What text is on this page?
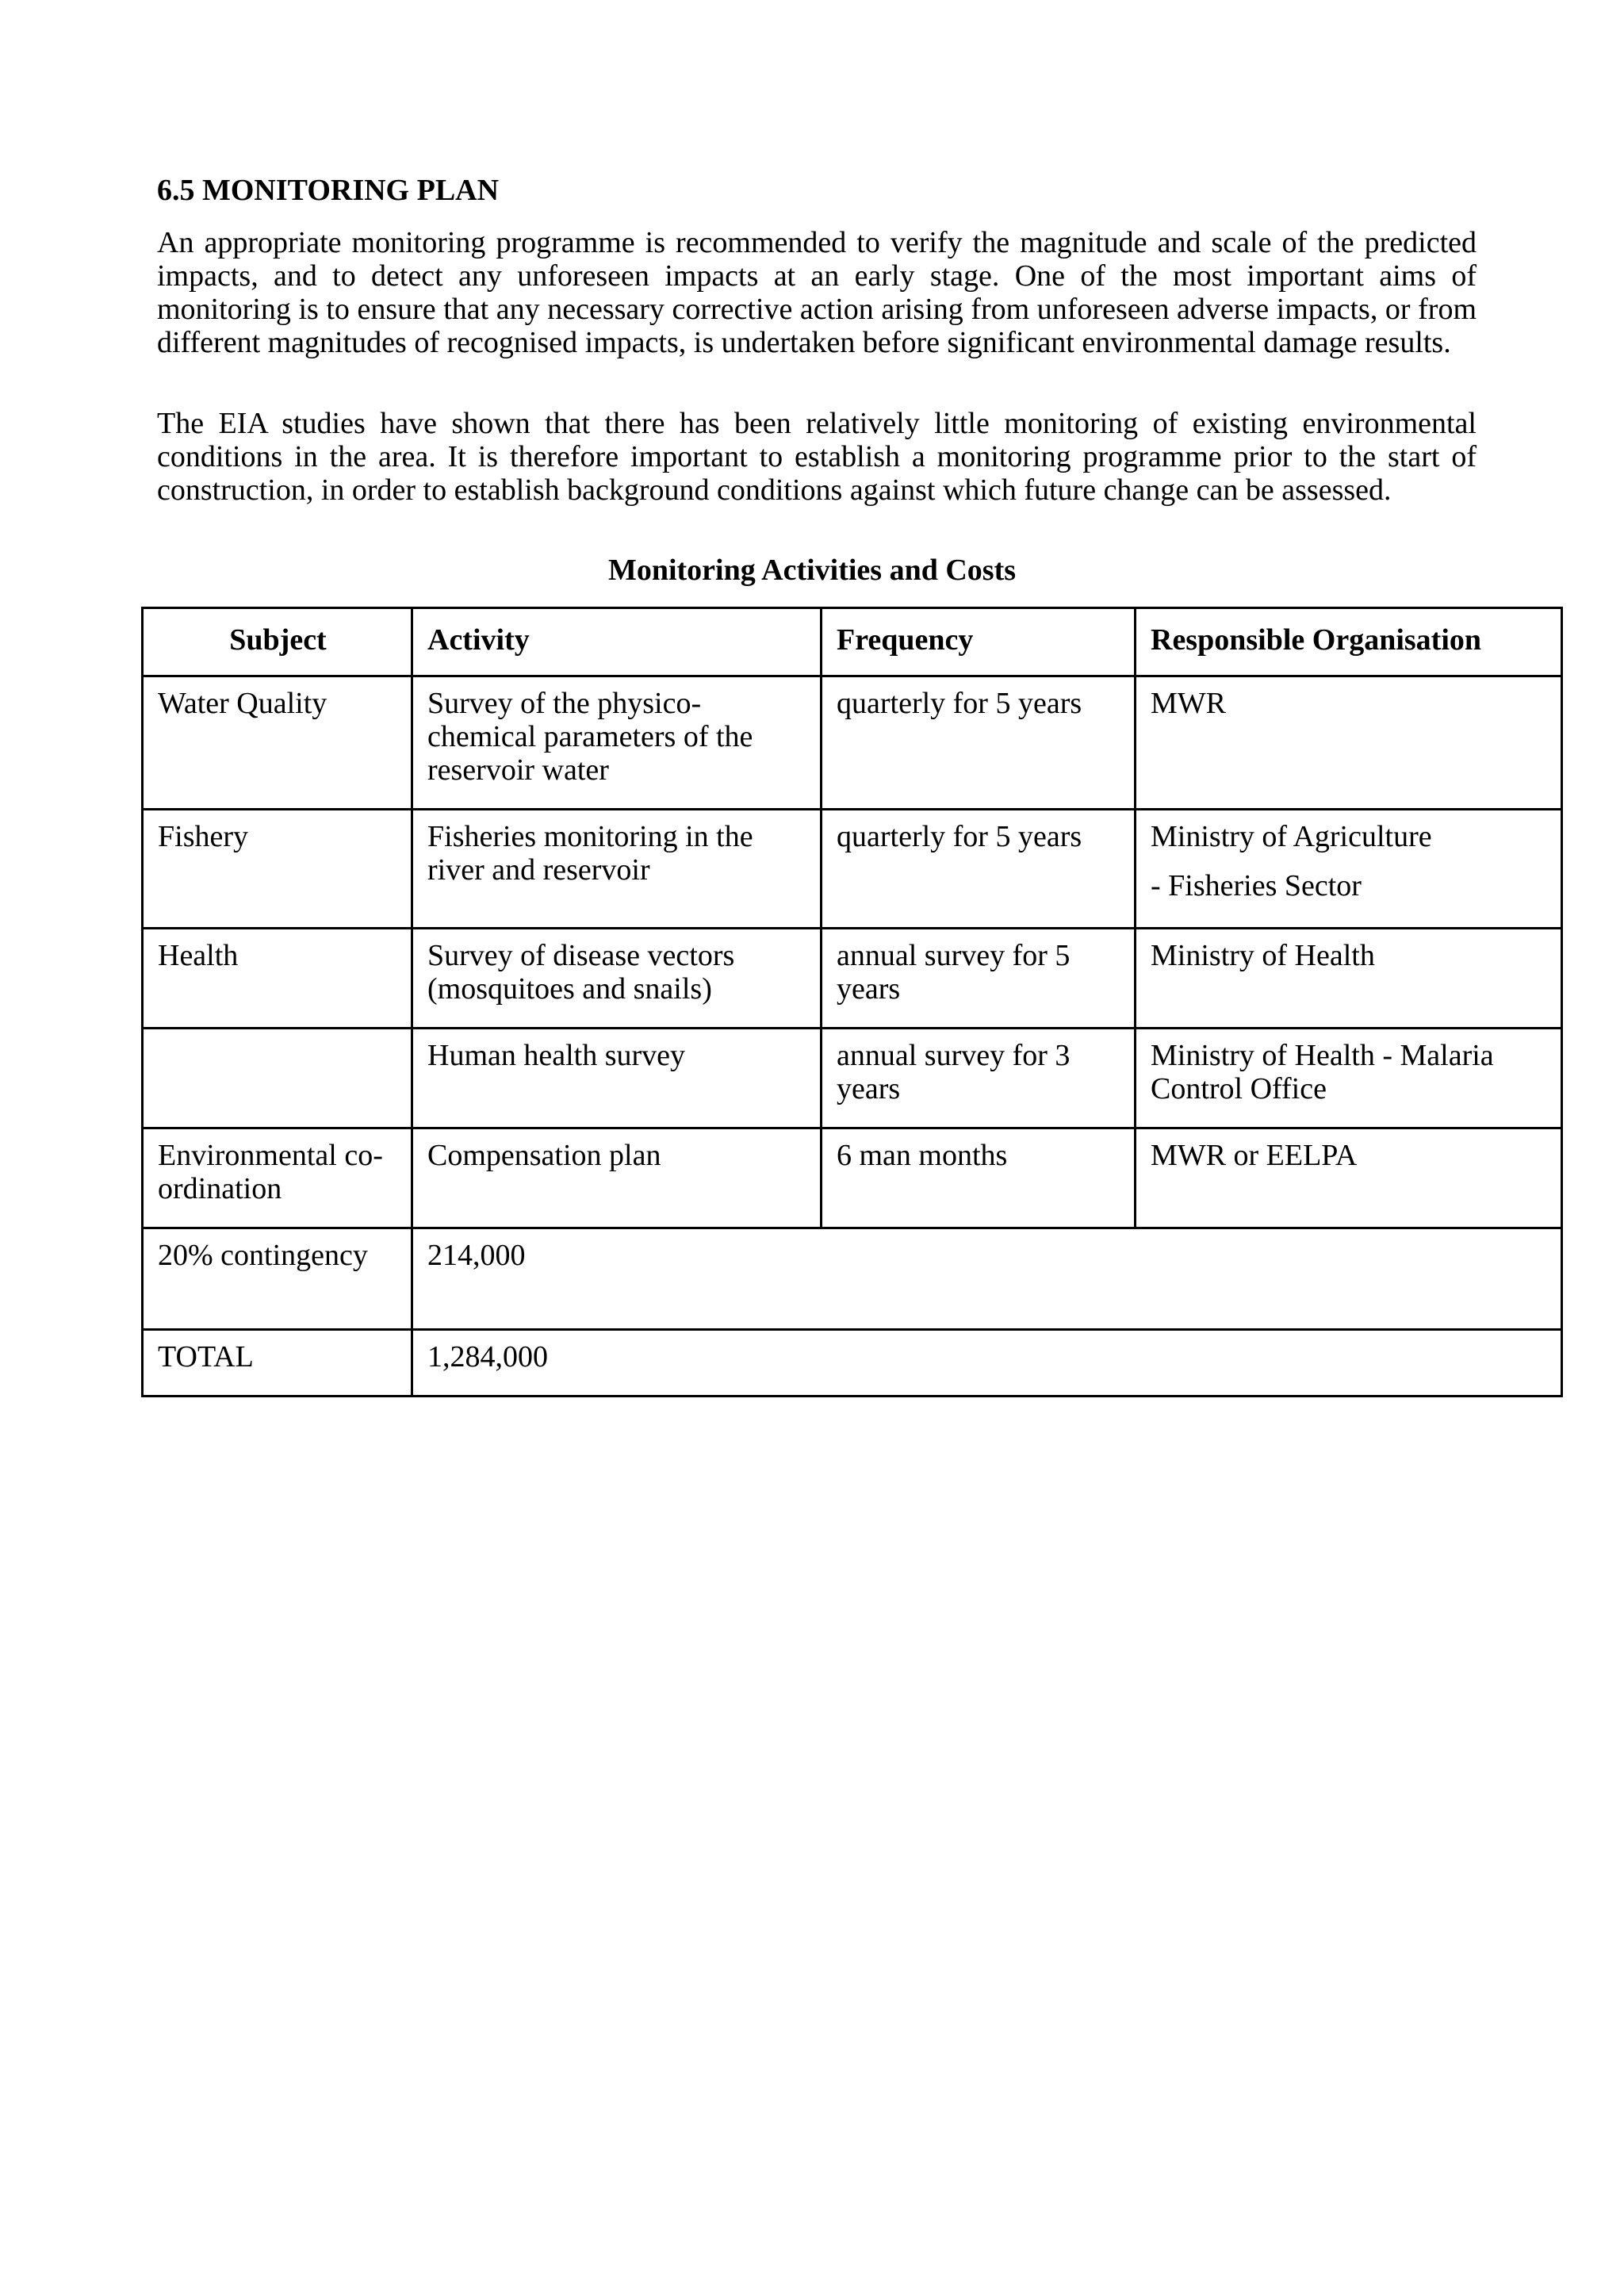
6.5 MONITORING PLAN

An appropriate monitoring programme is recommended to verify the magnitude and scale of the predicted impacts, and to detect any unforeseen impacts at an early stage. One of the most important aims of monitoring is to ensure that any necessary corrective action arising from unforeseen adverse impacts, or from different magnitudes of recognised impacts, is undertaken before significant environmental damage results.

The EIA studies have shown that there has been relatively little monitoring of existing environmental conditions in the area. It is therefore important to establish a monitoring programme prior to the start of construction, in order to establish background conditions against which future change can be assessed.

Monitoring Activities and Costs
Subject	Activity	Frequency	Responsible Organisation
Water Quality	Survey of the physico-chemical parameters of the reservoir water	quarterly for 5 years	MWR
Fishery	Fisheries monitoring in the river and reservoir	quarterly for 5 years	Ministry of Agriculture
- Fisheries Sector

Health	Survey of disease vectors (mosquitoes and snails)	annual survey for 5 years	Ministry of Health
	Human health survey	annual survey for 3 years	Ministry of Health - Malaria Control Office
Environmental co-ordination	Compensation plan	6 man months	MWR or EELPA
20% contingency	214,000		
TOTAL	1,284,000		
